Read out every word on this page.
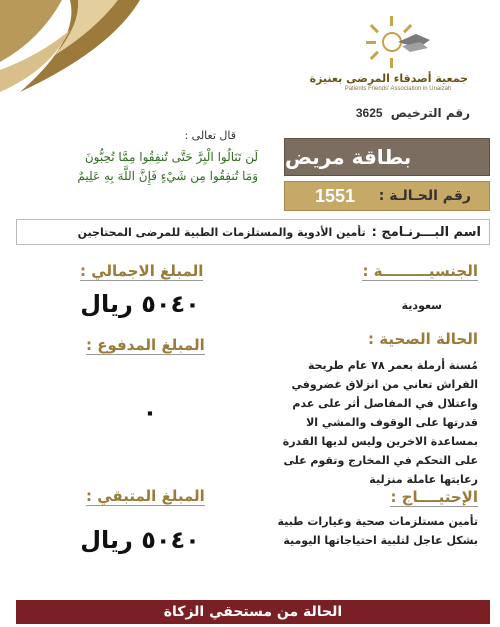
جمعية أصدقاء المرضى بعنيزة
Patients Friends' Association in Unaizah
رقم الترخيص 3625
قال تعالى :
لَن تَنَالُوا الْبِرَّ حَتَّى تُنفِقُوا مِمَّا تُحِبُّونَ
وَمَا تُنفِقُوا مِن شَيْءٍ فَإِنَّ اللَّهَ بِهِ عَلِيمٌ
بطاقة مريض
رقم الحـالـة :
1551
اسم البـــرنـامج :
تأمين الأدوية والمستلزمات الطبية للمرضى المحتاجين
الجنسيـــــــــة :
سعودية
الحالة الصحية :
مُسنة أرملة بعمر ٧٨ عام طريحة
الفراش تعاني من انزلاق غضروفي
واعتلال في المفاصل أثر على عدم
قدرتها على الوقوف والمشي الا
بمساعدة الاخرين وليس لديها القدرة
على التحكم في المخارج وتقوم على
رعايتها عاملة منزلية
الإحتيــــاج :
تأمين مستلزمات صحية وغيارات طبية
بشكل عاجل لتلبية احتياجاتها اليومية
المبلغ الاجمالي :
٥٠٤٠ ريال
المبلغ المدفوع :
٠
المبلغ المتبقي :
٥٠٤٠ ريال
الحالة من مستحقي الزكاة
